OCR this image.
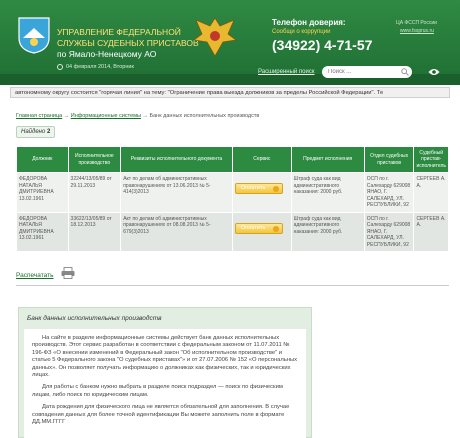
УПРАВЛЕНИЕ ФЕДЕРАЛЬНОЙ
СЛУЖБЫ СУДЕБНЫХ ПРИСТАВОВ
по Ямало-Ненецкому АО
04 февраля 2014, Вторник
Телефон доверия:
Сообщи о коррупции
(34922) 4-71-57
ЦА ФССП России
www.fssprus.ru
Расширенный поиск
Поиск ...
автономному округу состоится "горячая линия" на тему: "Ограничение права выезда должников за пределы Российской Федерации". Те
Главная страница → Информационные системы → Банк данных исполнительных производств
Найдено 2
Должник	Исполнительное производство	Реквизиты исполнительного документа	Сервис	Предмет исполнения	Отдел судебных приставов	Судебный пристав-исполнитель
ФЕДОРОВА НАТАЛЬЯ ДМИТРИЕВНА 13.02.1961	32244/13/05/89 от 29.11.2013	Акт по делам об административных правонарушениях от 13.06.2013 № 5-414(3)2013	Оплатить	Штраф суда как вид административного наказания: 2000 руб.	ОСП по г. Салехарду 629008 ЯНАО, Г. САЛЕХАРД, УЛ. РЕСПУБЛИКИ, 92	СЕРГЕЕВ А. А.
ФЕДОРОВА НАТАЛЬЯ ДМИТРИЕВНА 13.02.1961	33622/13/05/89 от 18.12.2013	Акт по делам об административных правонарушениях от 08.08.2013 № 5-679(3)2013	Оплатить	Штраф суда как вид административного наказания: 2000 руб.	ОСП по г. Салехарду 629008 ЯНАО, Г. САЛЕХАРД, УЛ. РЕСПУБЛИКИ, 92	СЕРГЕЕВ А. А.
Распечатать
Банк данных исполнительных производств

На сайте в разделе информационные системы действует банк данных исполнительных производств. Этот сервис разработан в соответствии с федеральным законом от 11.07.2011 № 196-ФЗ «О внесении изменений в Федеральный закон "Об исполнительном производстве" и статью 5 Федерального закона "О судебных приставах"» и от 27.07.2006 № 152 «О персональных данных». Он позволяет получать информацию о должниках как физических, так и юридических лицах.

Для работы с банком нужно выбрать в разделе поиск подраздел — поиск по физическим лицам, либо поиск по юридическим лицам.

Дата рождения для физического лица не является обязательной для заполнения. В случае совпадения данных для более точной идентификации Вы можете заполнить поле в формате ДД.ММ.ГГГГ
